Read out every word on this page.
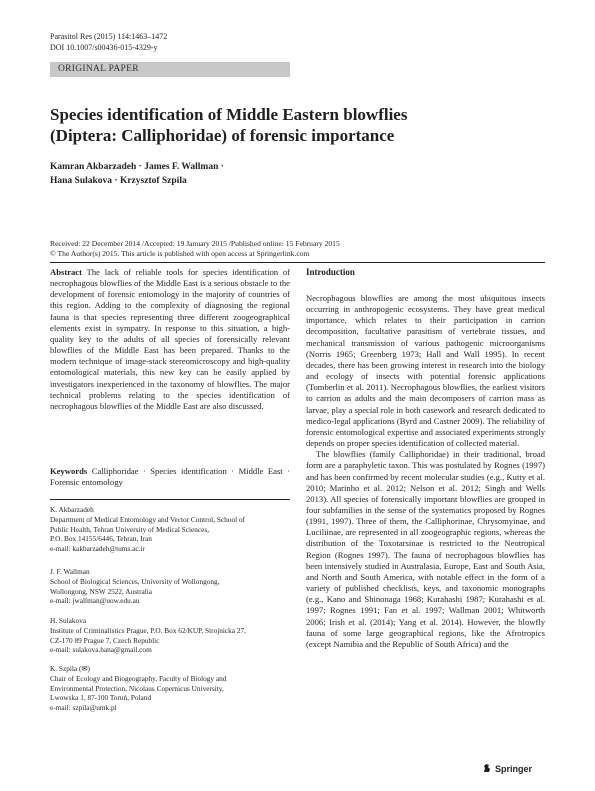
Parasitol Res (2015) 114:1463–1472
DOI 10.1007/s00436-015-4329-y
ORIGINAL PAPER
Species identification of Middle Eastern blowflies
(Diptera: Calliphoridae) of forensic importance
Kamran Akbarzadeh · James F. Wallman ·
Hana Sulakova · Krzysztof Szpila
Received: 22 December 2014 /Accepted: 19 January 2015 /Published online: 15 February 2015
© The Author(s) 2015. This article is published with open access at Springerlink.com

Abstract The lack of reliable tools for species identification of necrophagous blowflies of the Middle East is a serious obstacle to the development of forensic entomology in the majority of countries of this region. Adding to the complexity of diagnosing the regional fauna is that species representing three different zoogeographical elements exist in sympatry. In response to this situation, a high-quality key to the adults of all species of forensically relevant blowflies of the Middle East has been prepared. Thanks to the modern technique of image-stack stereomicroscopy and high-quality entomological materials, this new key can be easily applied by investigators inexperienced in the taxonomy of blowflies. The major technical problems relating to the species identification of necrophagous blowflies of the Middle East are also discussed.

Keywords Calliphoridae · Species identification · Middle East · Forensic entomology

K. Akbarzadeh
Department of Medical Entomology and Vector Control, School of
Public Health, Tehran University of Medical Sciences,
P.O. Box 14155/6446, Tehran, Iran
e-mail: kakbarzadeh@tums.ac.ir
J. F. Wallman
School of Biological Sciences, University of Wollongong,
Wollongong, NSW 2522, Australia
e-mail: jwallman@uow.edu.au
H. Sulakova
Institute of Criminalistics Prague, P.O. Box 62/KUP, Strojnicka 27,
CZ-170 89 Prague 7, Czech Republic
e-mail: sulakova.hana@gmail.com
K. Szpila (✉)
Chair of Ecology and Biogeography, Faculty of Biology and
Environmental Protection, Nicolaus Copernicus University,
Lwowska 1, 87-100 Toruń, Poland
e-mail: szpila@umk.pl
Introduction

Necrophagous blowflies are among the most ubiquitous insects occurring in anthropogenic ecosystems. They have great medical importance, which relates to their participation in carrion decomposition, facultative parasitism of vertebrate tissues, and mechanical transmission of various pathogenic microorganisms (Norris 1965; Greenberg 1973; Hall and Wall 1995). In recent decades, there has been growing interest in research into the biology and ecology of insects with potential forensic applications (Tomberlin et al. 2011). Necrophagous blowflies, the earliest visitors to carrion as adults and the main decomposers of carrion mass as larvae, play a special role in both casework and research dedicated to medico-legal applications (Byrd and Castner 2009). The reliability of forensic entomological expertise and associated experiments strongly depends on proper species identification of collected material.

The blowflies (family Calliphoridae) in their traditional, broad form are a paraphyletic taxon. This was postulated by Rognes (1997) and has been confirmed by recent molecular studies (e.g., Kutty et al. 2010; Marinho et al. 2012; Nelson et al. 2012; Singh and Wells 2013). All species of forensically important blowflies are grouped in four subfamilies in the sense of the systematics proposed by Rognes (1991, 1997). Three of them, the Calliphorinae, Chrysomyinae, and Luciliinae, are represented in all zoogeographic regions, whereas the distribution of the Toxotarsinae is restricted to the Neotropical Region (Rognes 1997). The fauna of necrophagous blowflies has been intensively studied in Australasia, Europe, East and South Asia, and North and South America, with notable effect in the form of a variety of published checklists, keys, and taxonomic monographs (e.g., Kano and Shinonaga 1968; Kurahashi 1987; Kurahashi et al. 1997; Rognes 1991; Fan et al. 1997; Wallman 2001; Whitworth 2006; Irish et al. (2014); Yang et al. 2014). However, the blowfly fauna of some large geographical regions, like the Afrotropics (except Namibia and the Republic of South Africa) and the

Springer
